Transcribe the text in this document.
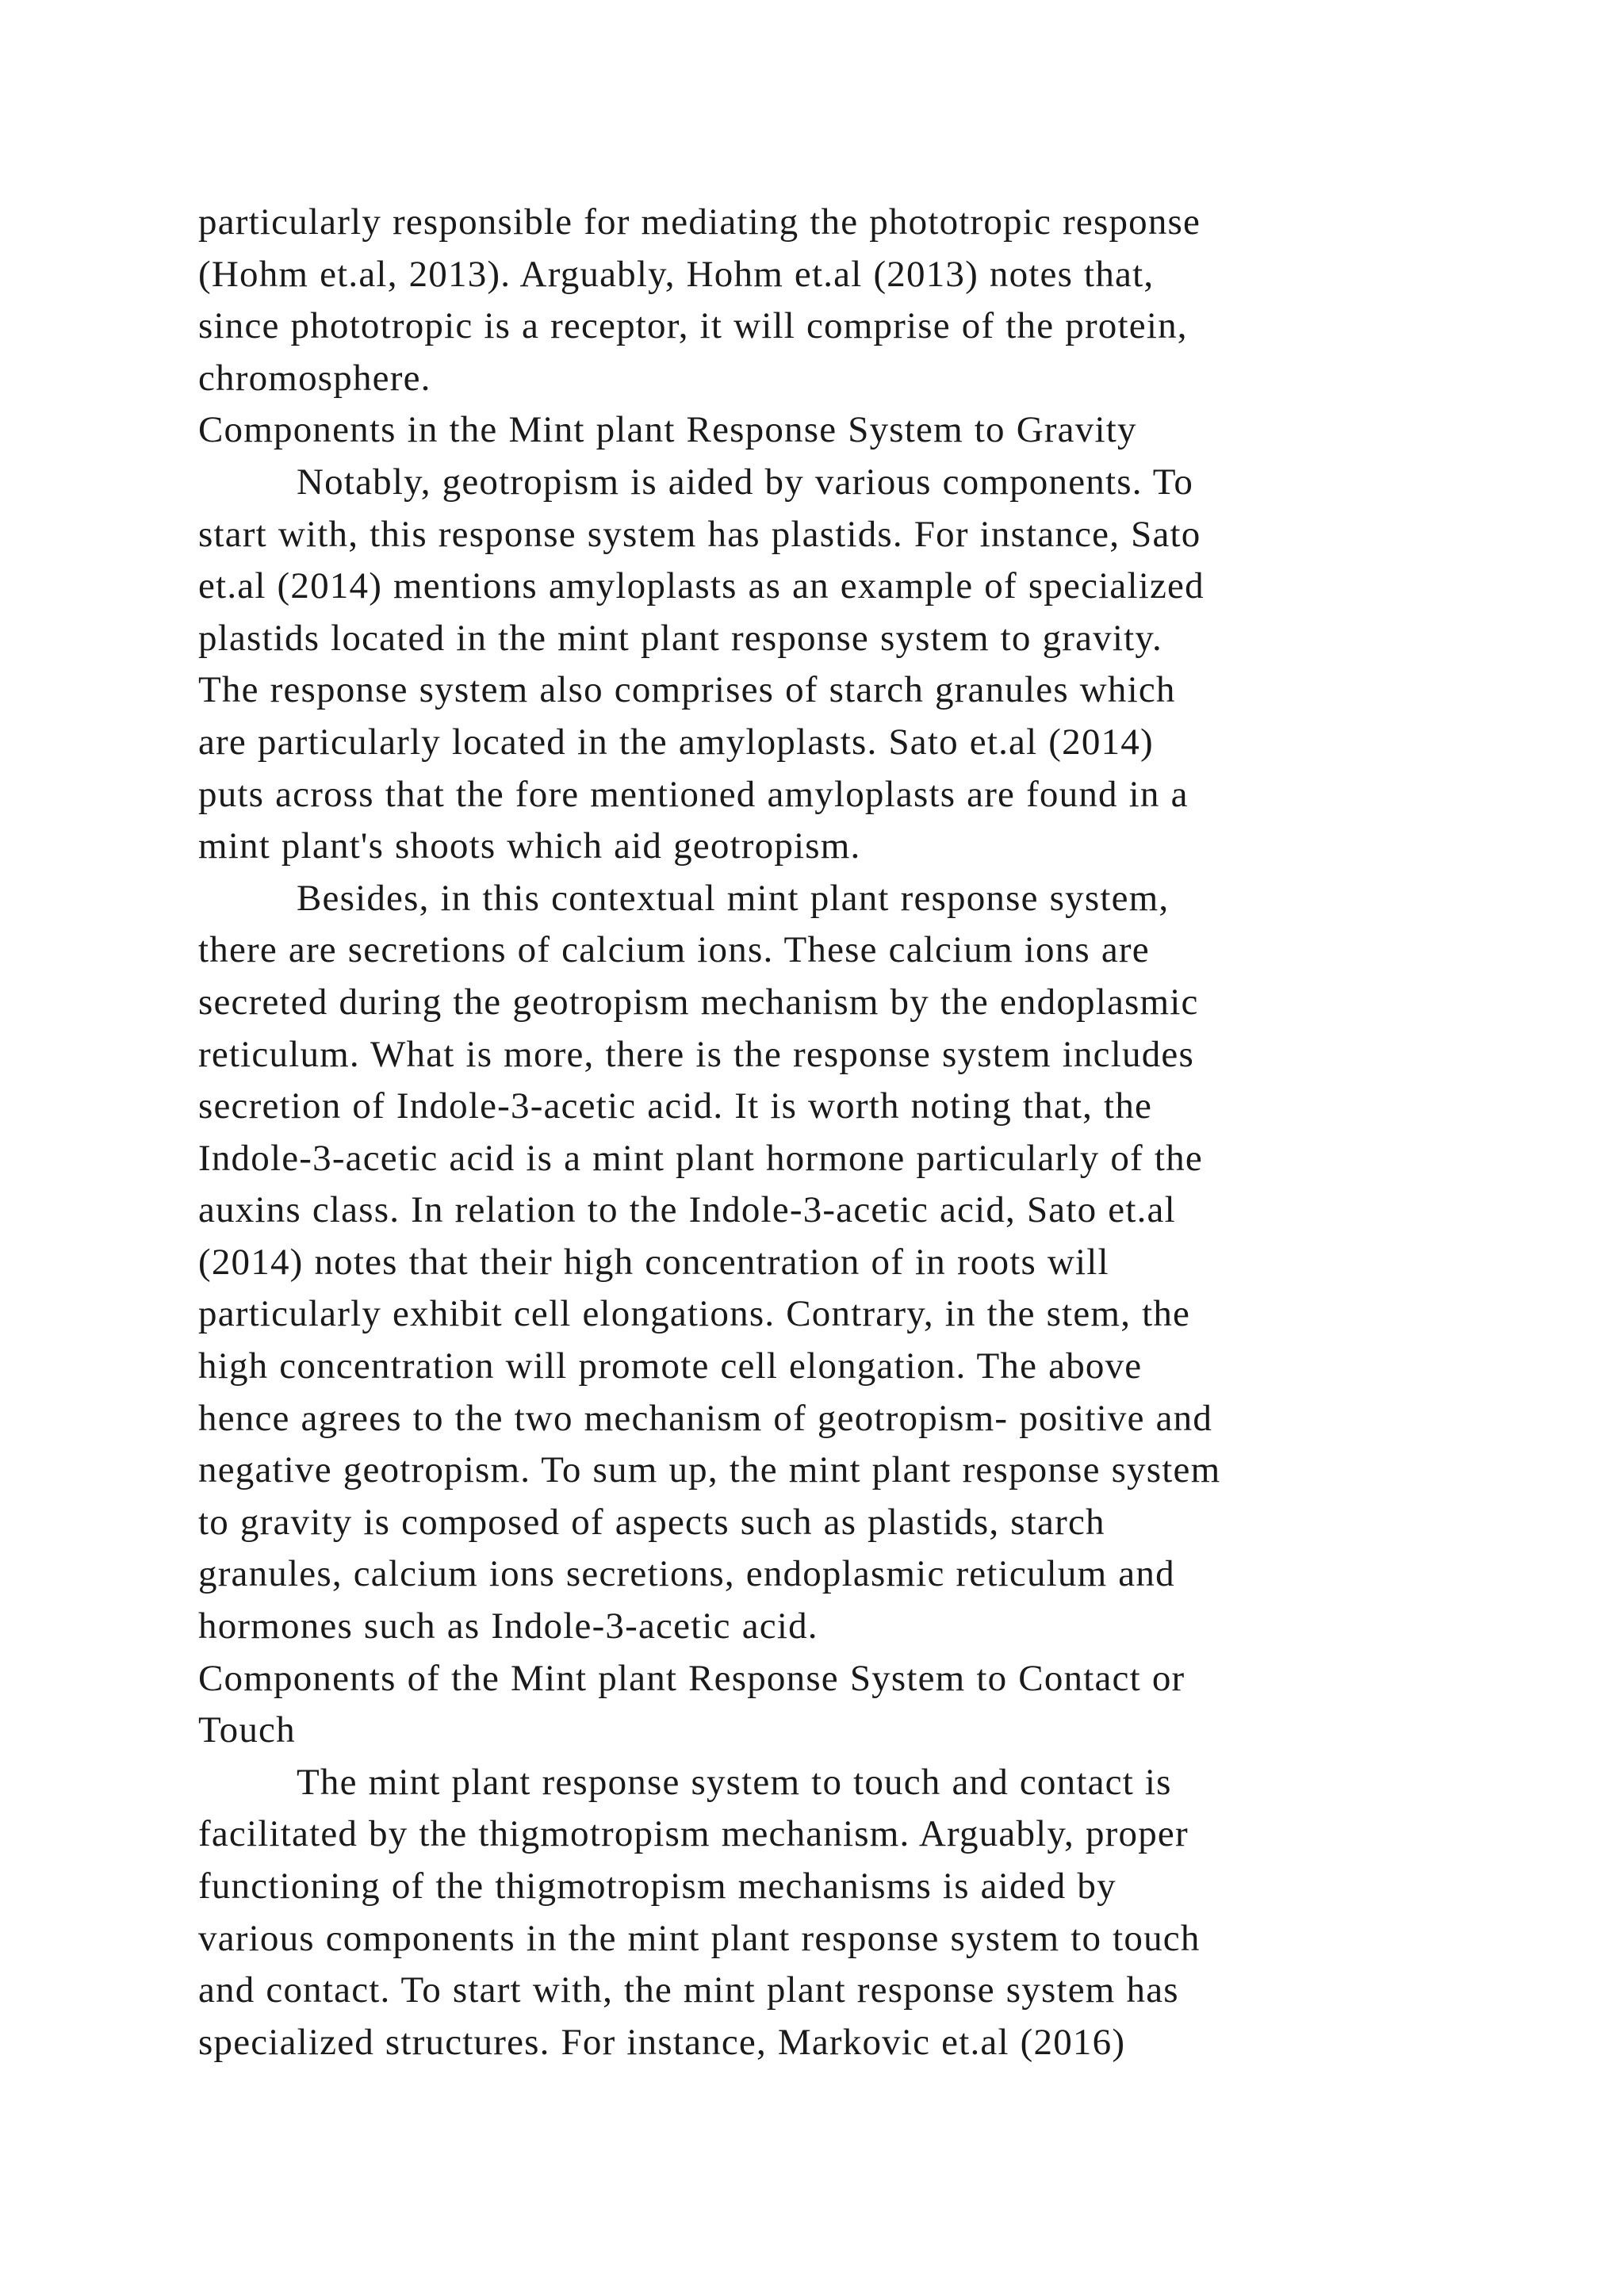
particularly responsible for mediating the phototropic response
(Hohm et.al, 2013). Arguably, Hohm et.al (2013) notes that,
since phototropic is a receptor, it will comprise of the protein,
chromosphere.
Components in the Mint plant Response System to Gravity
Notably, geotropism is aided by various components. To
start with, this response system has plastids. For instance, Sato
et.al (2014) mentions amyloplasts as an example of specialized
plastids located in the mint plant response system to gravity.
The response system also comprises of starch granules which
are particularly located in the amyloplasts. Sato et.al (2014)
puts across that the fore mentioned amyloplasts are found in a
mint plant's shoots which aid geotropism.
Besides, in this contextual mint plant response system,
there are secretions of calcium ions. These calcium ions are
secreted during the geotropism mechanism by the endoplasmic
reticulum. What is more, there is the response system includes
secretion of Indole-3-acetic acid. It is worth noting that, the
Indole-3-acetic acid is a mint plant hormone particularly of the
auxins class. In relation to the Indole-3-acetic acid, Sato et.al
(2014) notes that their high concentration of in roots will
particularly exhibit cell elongations. Contrary, in the stem, the
high concentration will promote cell elongation. The above
hence agrees to the two mechanism of geotropism- positive and
negative geotropism. To sum up, the mint plant response system
to gravity is composed of aspects such as plastids, starch
granules, calcium ions secretions, endoplasmic reticulum and
hormones such as Indole-3-acetic acid.
Components of the Mint plant Response System to Contact or
Touch
The mint plant response system to touch and contact is
facilitated by the thigmotropism mechanism. Arguably, proper
functioning of the thigmotropism mechanisms is aided by
various components in the mint plant response system to touch
and contact. To start with, the mint plant response system has
specialized structures. For instance, Markovic et.al (2016)
